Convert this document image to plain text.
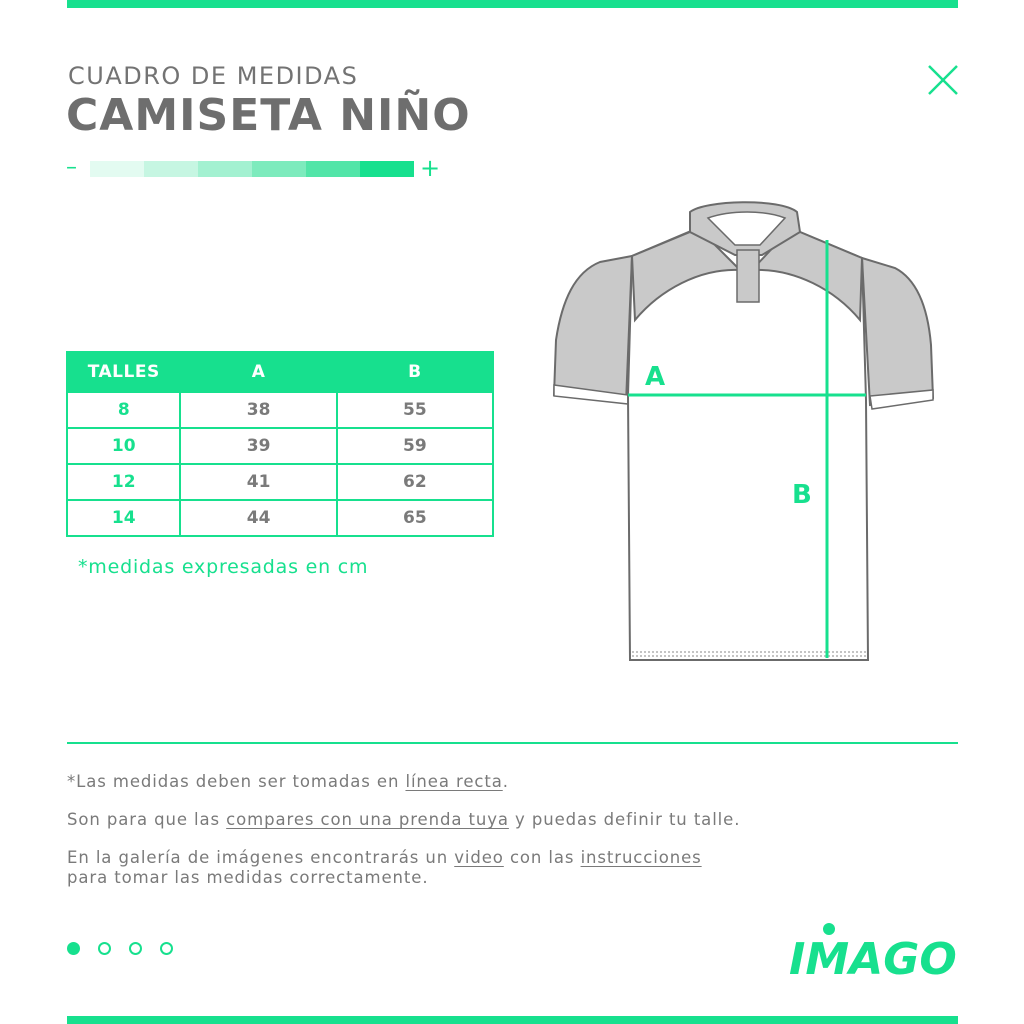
CUADRO DE MEDIDAS
CAMISETA NIÑO
–	+
TALLES	A	B
8	38	55
10	39	59
12	41	62
14	44	65
*medidas expresadas en cm
A
B
*Las medidas deben ser tomadas en línea recta.
Son para que las compares con una prenda tuya y puedas definir tu talle.
En la galería de imágenes encontrarás un video con las instrucciones
para tomar las medidas correctamente.
IMAGO
